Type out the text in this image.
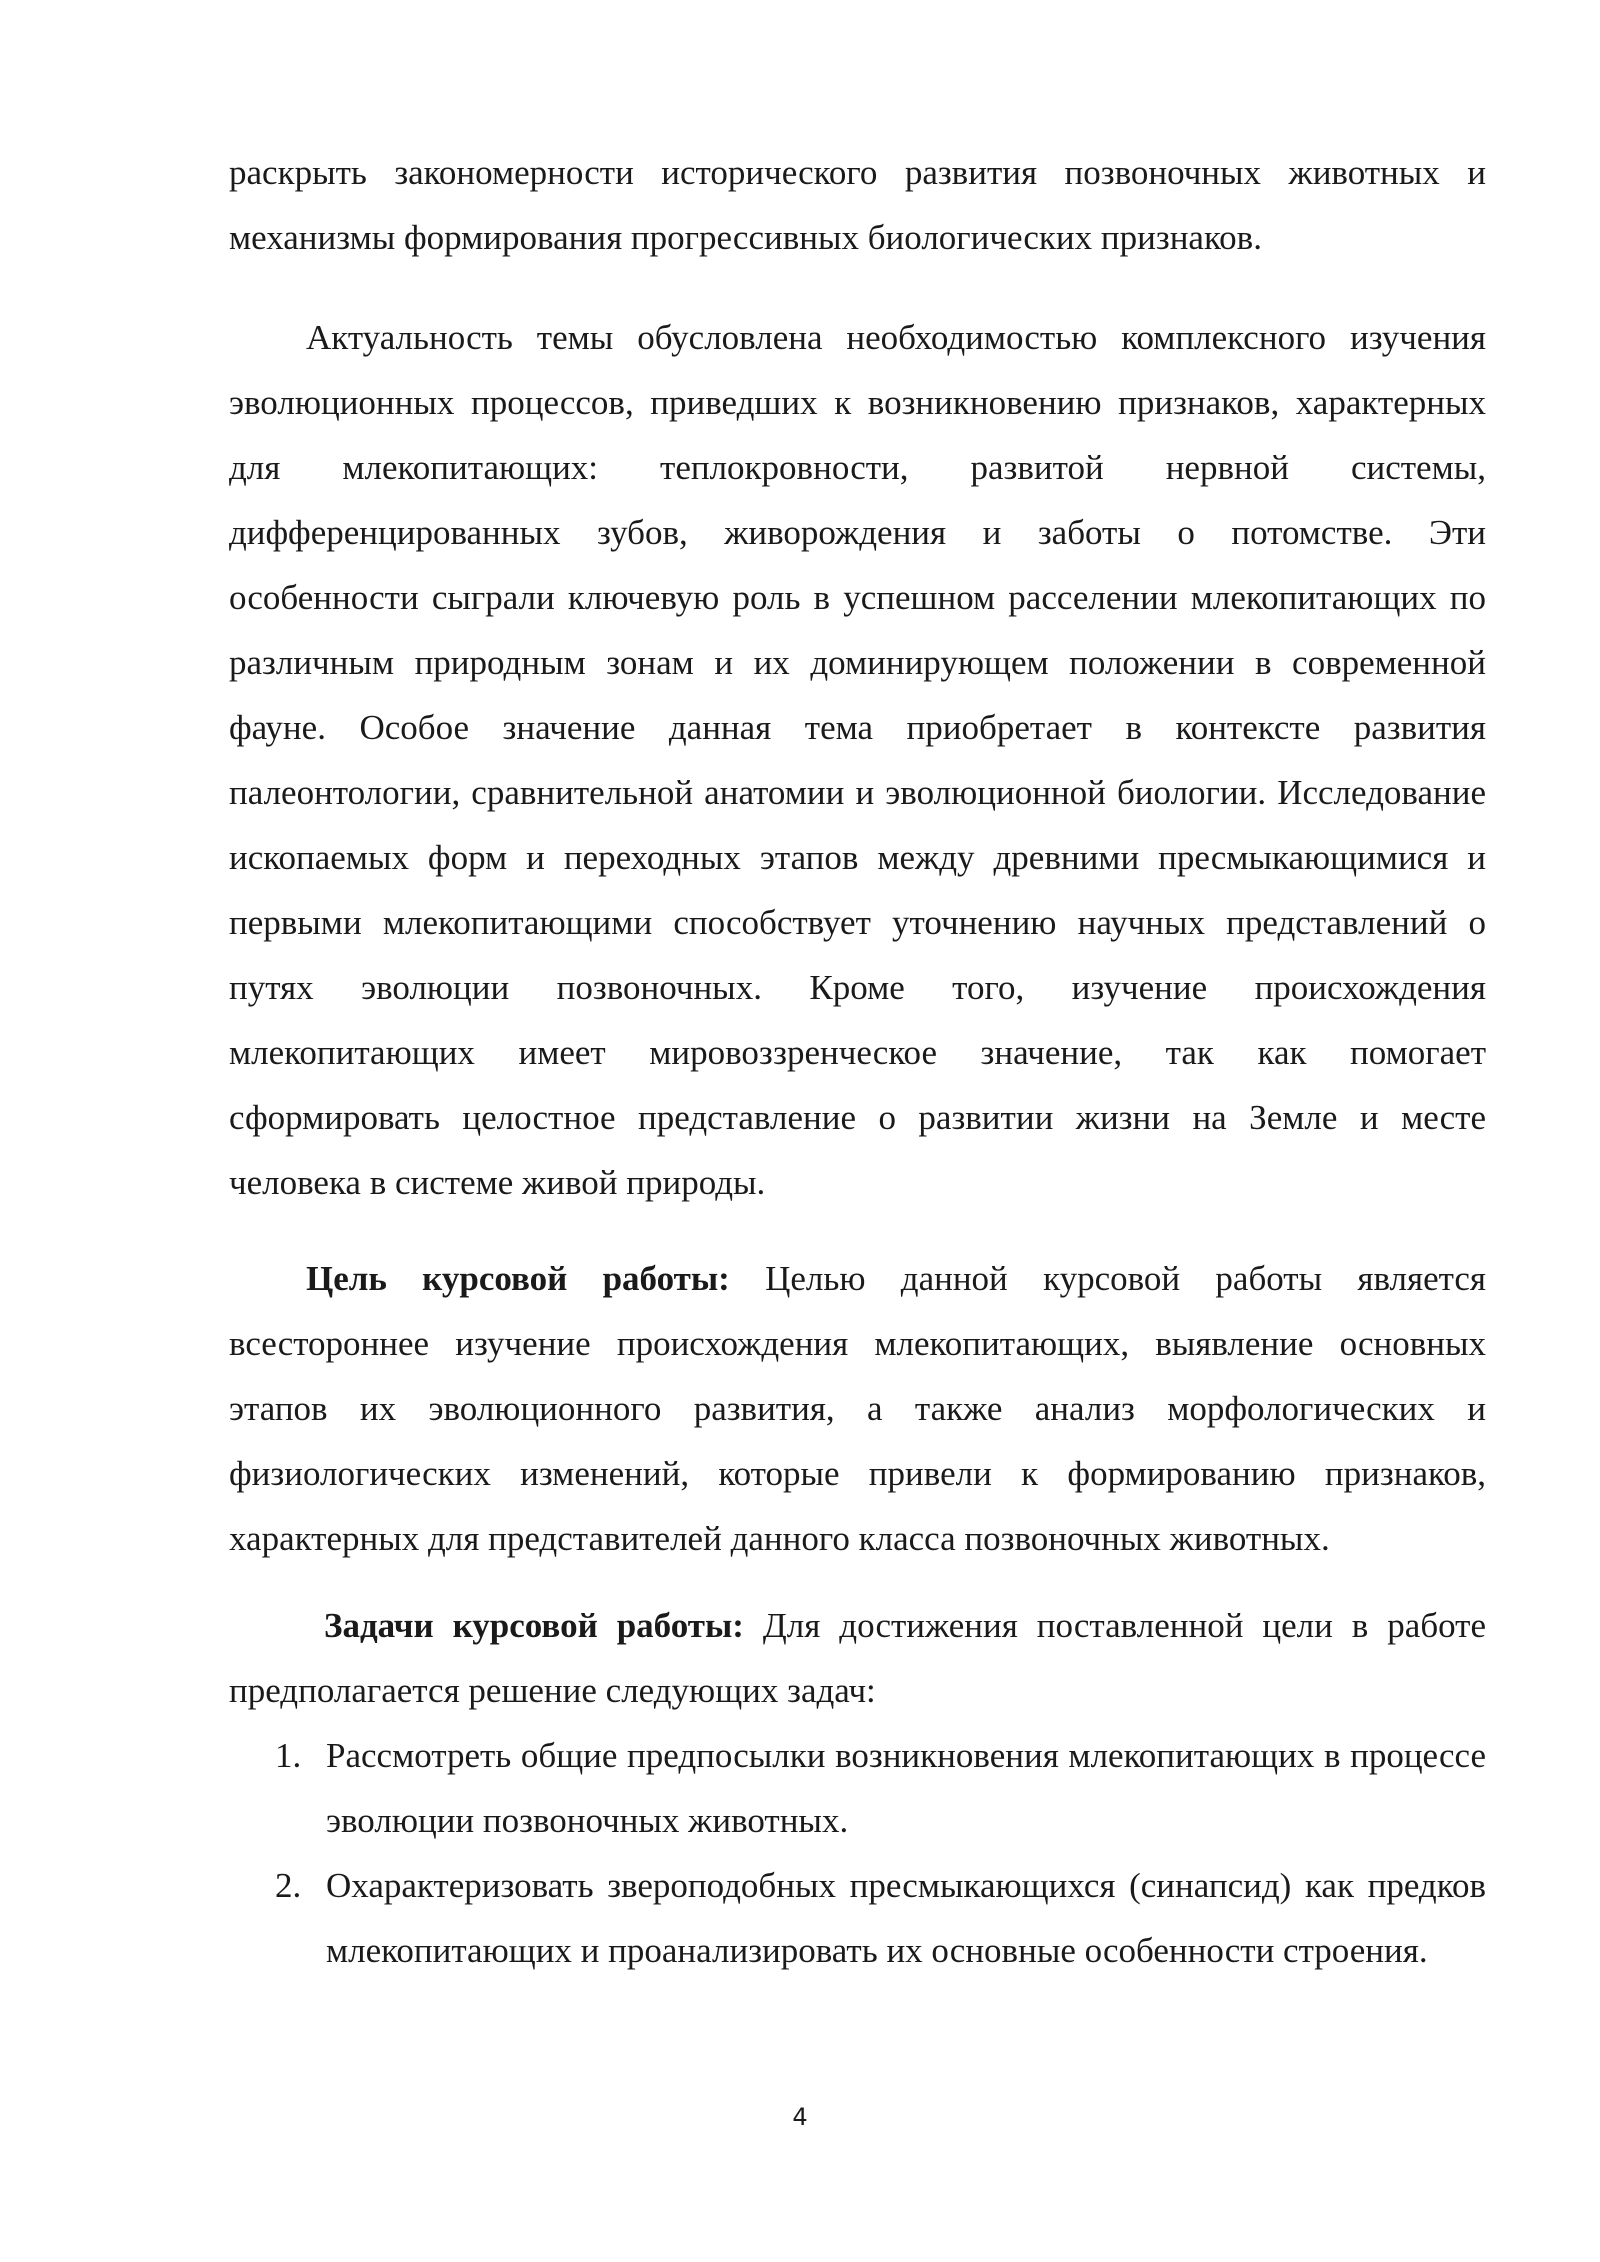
раскрыть закономерности исторического развития позвоночных животных и механизмы формирования прогрессивных биологических признаков.

Актуальность темы обусловлена необходимостью комплексного изучения эволюционных процессов, приведших к возникновению признаков, характерных для млекопитающих: теплокровности, развитой нервной системы, дифференцированных зубов, живорождения и заботы о потомстве. Эти особенности сыграли ключевую роль в успешном расселении млекопитающих по различным природным зонам и их доминирующем положении в современной фауне. Особое значение данная тема приобретает в контексте развития палеонтологии, сравнительной анатомии и эволюционной биологии. Исследование ископаемых форм и переходных этапов между древними пресмыкающимися и первыми млекопитающими способствует уточнению научных представлений о путях эволюции позвоночных. Кроме того, изучение происхождения млекопитающих имеет мировоззренческое значение, так как помогает сформировать целостное представление о развитии жизни на Земле и месте человека в системе живой природы.

Цель курсовой работы: Целью данной курсовой работы является всестороннее изучение происхождения млекопитающих, выявление основных этапов их эволюционного развития, а также анализ морфологических и физиологических изменений, которые привели к формированию признаков, характерных для представителей данного класса позвоночных животных.

Задачи курсовой работы: Для достижения поставленной цели в работе предполагается решение следующих задач:

1. Рассмотреть общие предпосылки возникновения млекопитающих в процессе эволюции позвоночных животных.
2. Охарактеризовать звероподобных пресмыкающихся (синапсид) как предков млекопитающих и проанализировать их основные особенности строения.
4
